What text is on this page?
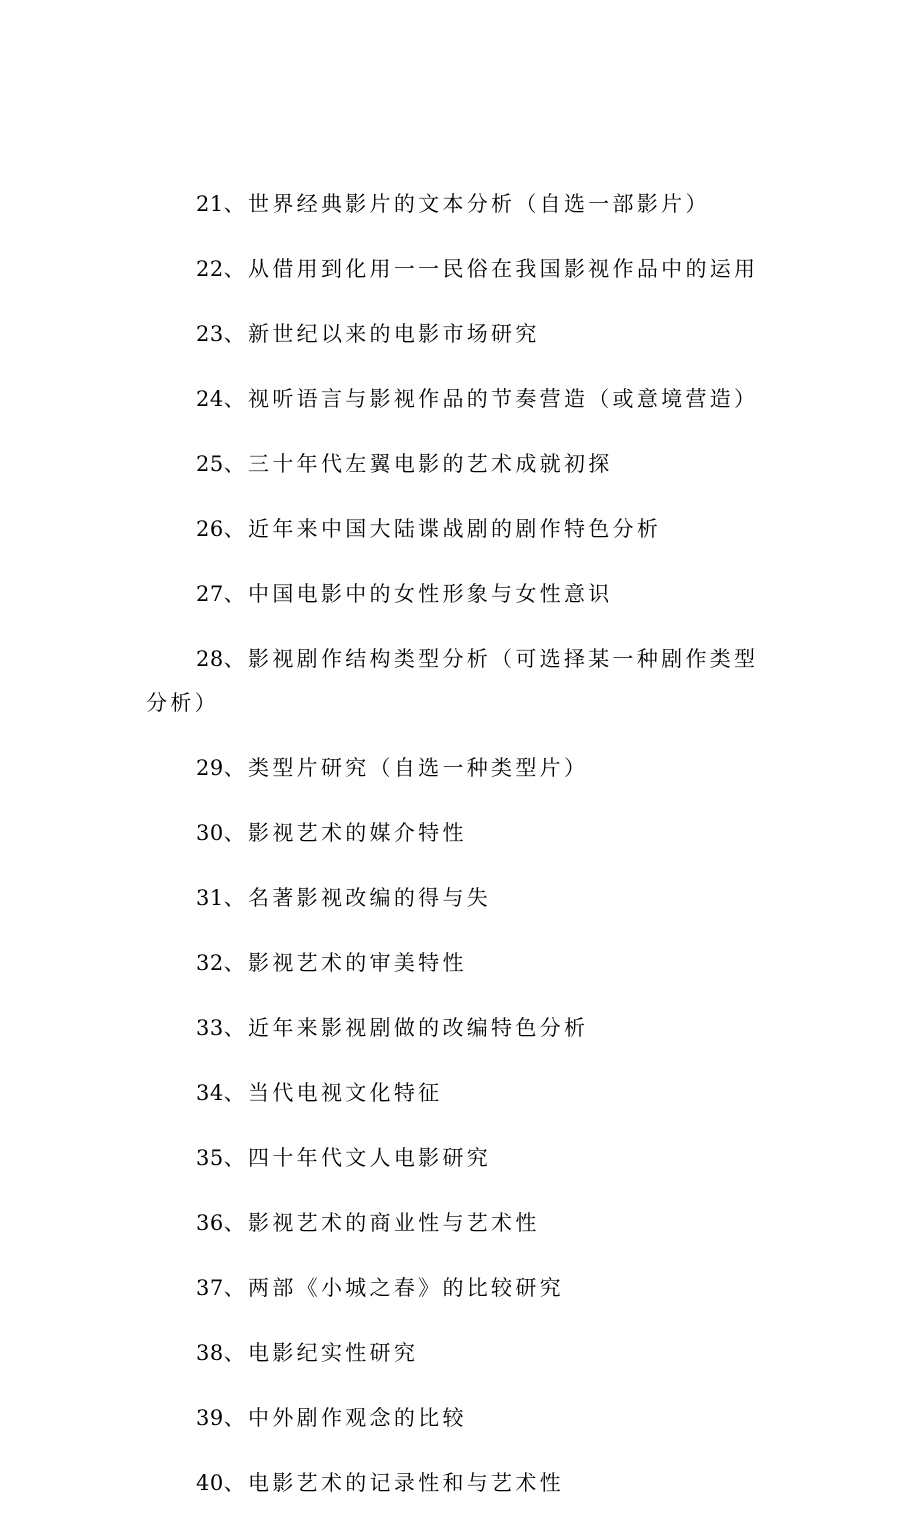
21、世界经典影片的文本分析（自选一部影片）

22、从借用到化用一一民俗在我国影视作品中的运用

23、新世纪以来的电影市场研究

24、视听语言与影视作品的节奏营造（或意境营造）

25、三十年代左翼电影的艺术成就初探

26、近年来中国大陆谍战剧的剧作特色分析

27、中国电影中的女性形象与女性意识

28、影视剧作结构类型分析（可选择某一种剧作类型分析）

29、类型片研究（自选一种类型片）

30、影视艺术的媒介特性

31、名著影视改编的得与失

32、影视艺术的审美特性

33、近年来影视剧做的改编特色分析

34、当代电视文化特征

35、四十年代文人电影研究

36、影视艺术的商业性与艺术性

37、两部《小城之春》的比较研究

38、电影纪实性研究

39、中外剧作观念的比较

40、电影艺术的记录性和与艺术性
